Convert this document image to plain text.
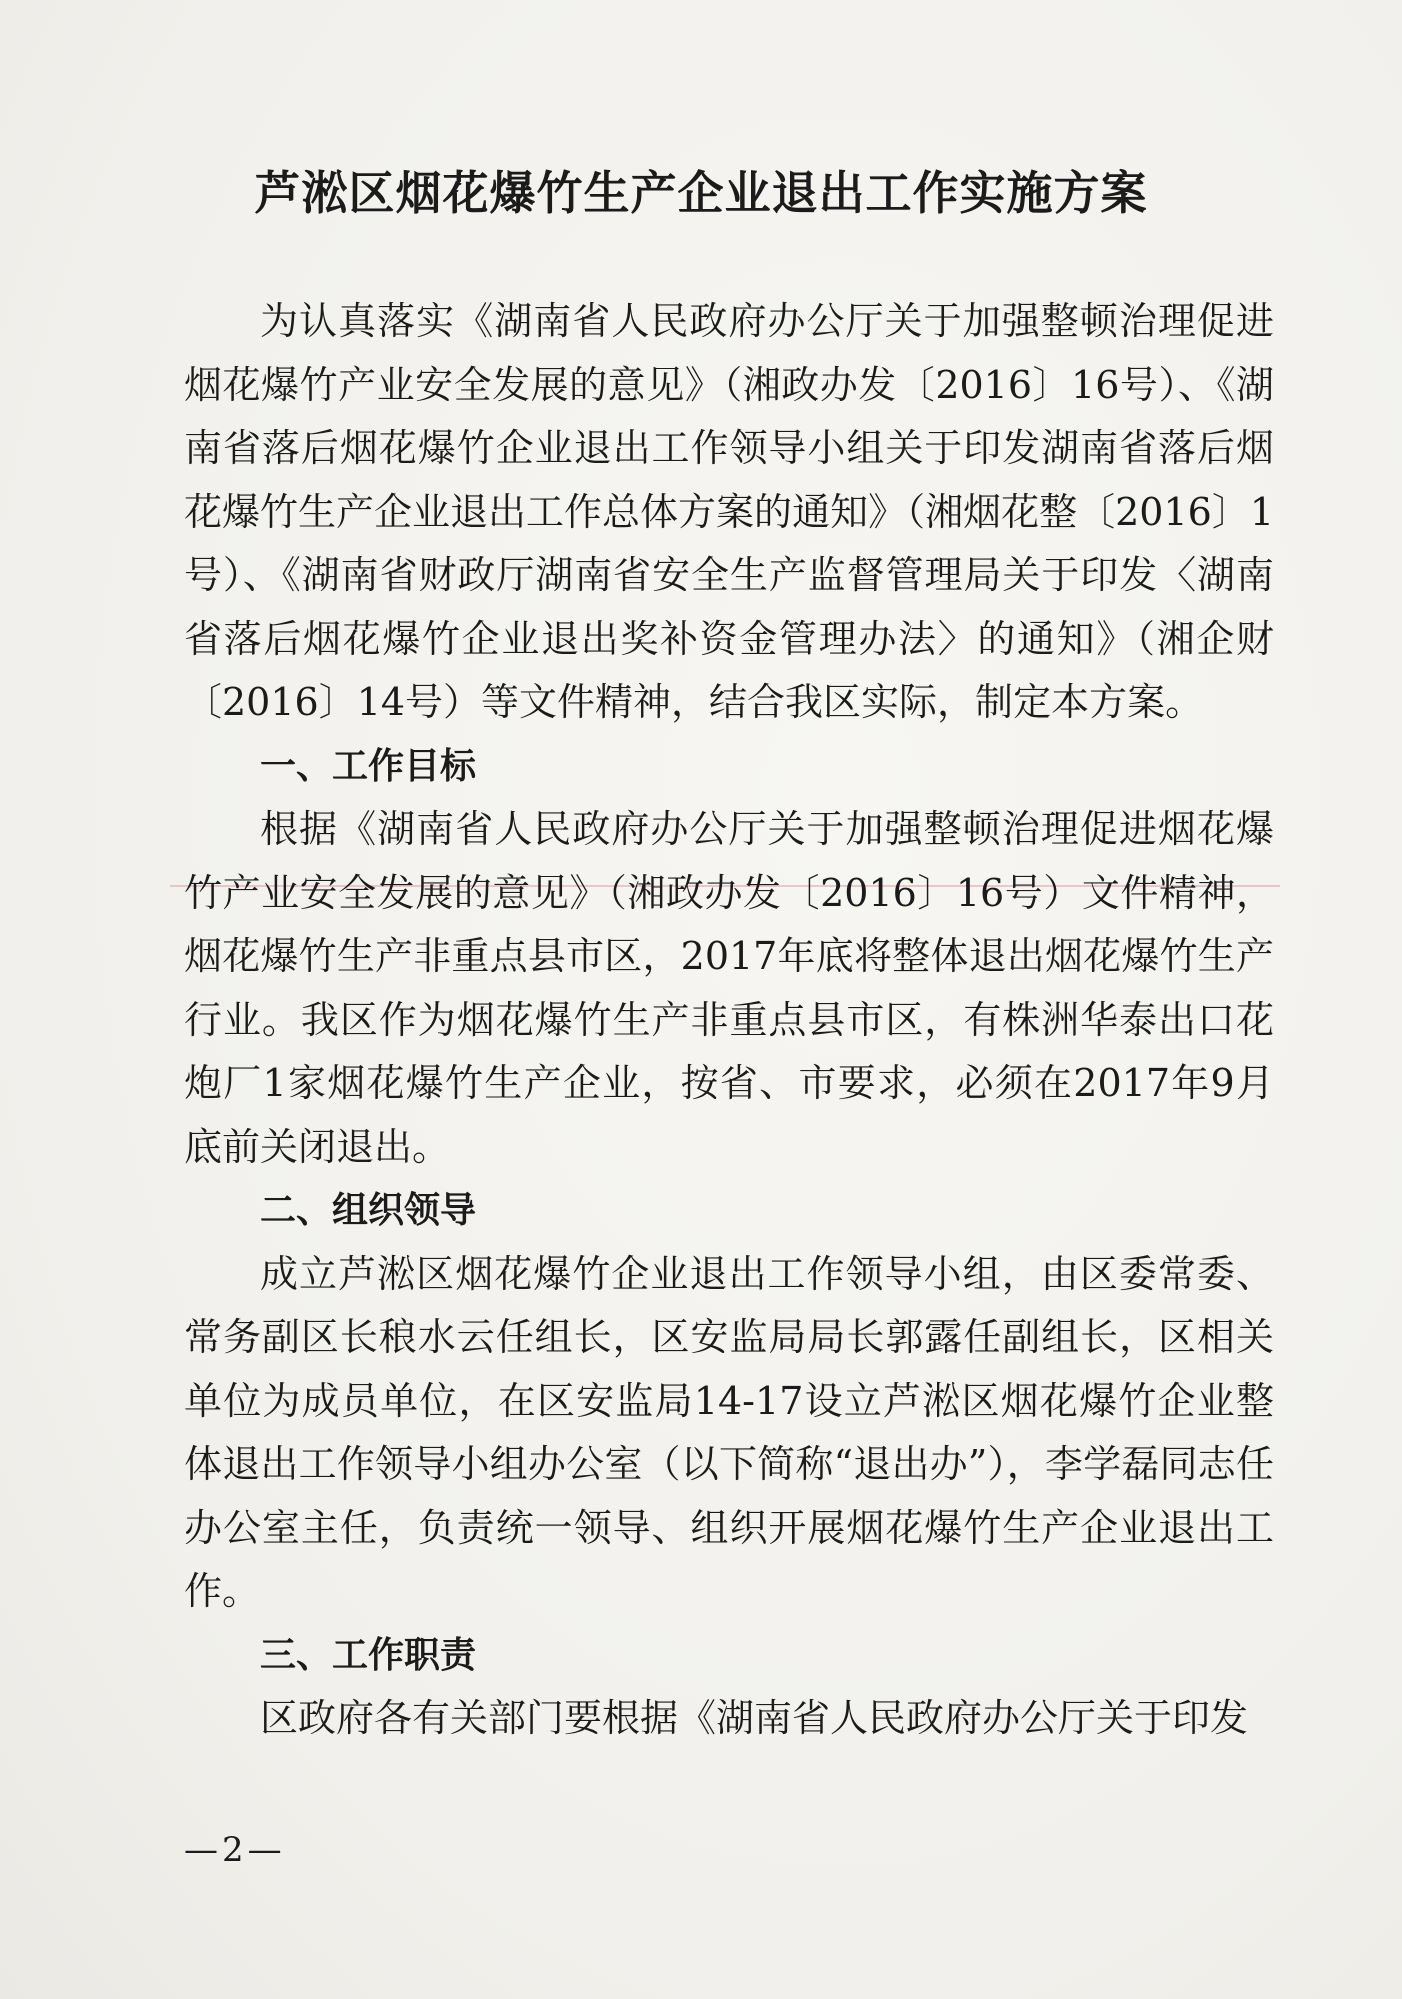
芦淞区烟花爆竹生产企业退出工作实施方案

为认真落实《湖南省人民政府办公厅关于加强整顿治理促进烟花爆竹产业安全发展的意见》（湘政办发〔2016〕16号）、《湖南省落后烟花爆竹企业退出工作领导小组关于印发湖南省落后烟花爆竹生产企业退出工作总体方案的通知》（湘烟花整〔2016〕1号）、《湖南省财政厅湖南省安全生产监督管理局关于印发〈湖南省落后烟花爆竹企业退出奖补资金管理办法〉的通知》（湘企财〔2016〕14号）等文件精神，结合我区实际，制定本方案。

一、工作目标

根据《湖南省人民政府办公厅关于加强整顿治理促进烟花爆竹产业安全发展的意见》（湘政办发〔2016〕16号）文件精神，烟花爆竹生产非重点县市区，2017年底将整体退出烟花爆竹生产行业。我区作为烟花爆竹生产非重点县市区，有株洲华泰出口花炮厂1家烟花爆竹生产企业，按省、市要求，必须在2017年9月底前关闭退出。

二、组织领导

成立芦淞区烟花爆竹企业退出工作领导小组，由区委常委、常务副区长稂水云任组长，区安监局局长郭露任副组长，区相关单位为成员单位，在区安监局14-17设立芦淞区烟花爆竹企业整体退出工作领导小组办公室（以下简称“退出办”），李学磊同志任办公室主任，负责统一领导、组织开展烟花爆竹生产企业退出工作。

三、工作职责

区政府各有关部门要根据《湖南省人民政府办公厅关于印发

—2—
